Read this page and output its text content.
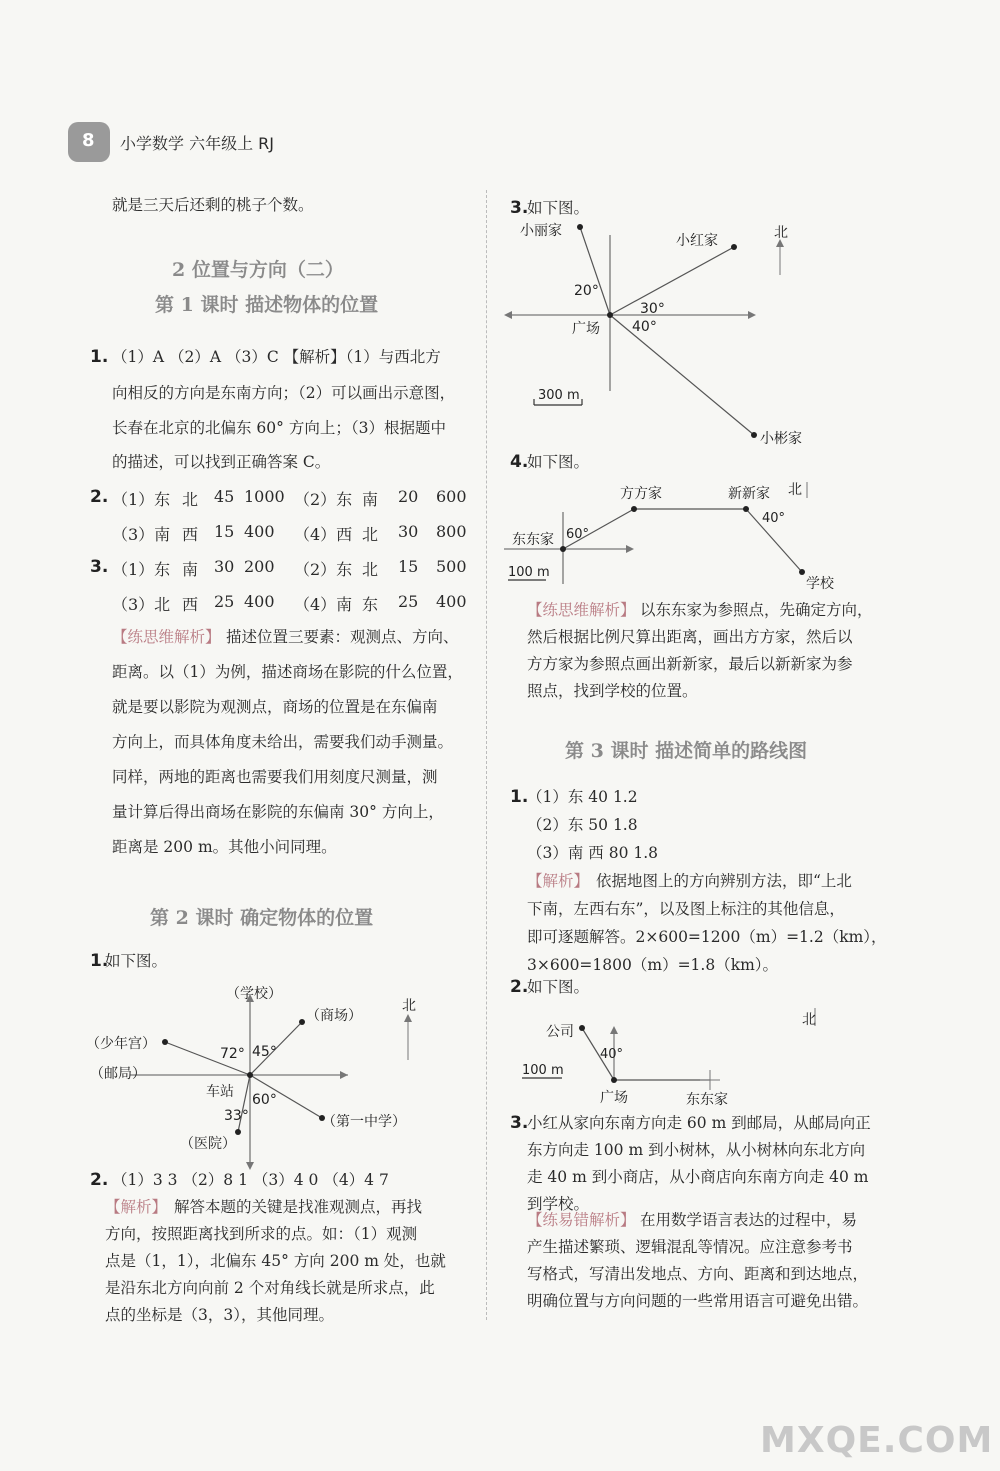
8 小学数学 六年级上 RJ
就是三天后还剩的桃子个数。
2 位置与方向（二）
第 1 课时 描述物体的位置
1. （1）A （2）A （3）C 【解析】（1）与西北方
向相反的方向是东南方向；（2）可以画出示意图，
长春在北京的北偏东 60° 方向上；（3）根据题中
的描述，可以找到正确答案 C。
2. （1）东 北 45 1000 （2）东 南 20 600
（3）南 西 15 400 （4）西 北 30 800
3. （1）东 南 30 200 （2）东 北 15 500
（3）北 西 25 400 （4）南 东 25 400
【练思维解析】 描述位置三要素：观测点、方向、
距离。以（1）为例，描述商场在影院的什么位置，
就是要以影院为观测点，商场的位置是在东偏南
方向上，而具体角度未给出，需要我们动手测量。
同样，两地的距离也需要我们用刻度尺测量，测
量计算后得出商场在影院的东偏南 30° 方向上，
距离是 200 m。其他小问同理。
第 2 课时 确定物体的位置
1.
如下图。
（学校）
（商场）
（少年宫）
（邮局）
车站
（第一中学）
（医院）
72° 45°
60°
33°
北
2. （1）3 3 （2）8 1 （3）4 0 （4）4 7
【解析】 解答本题的关键是找准观测点，再找
方向，按照距离找到所求的点。如：（1）观测
点是（1，1），北偏东 45° 方向 200 m 处，也就
是沿东北方向向前 2 个对角线长就是所求点，此
点的坐标是（3，3），其他同理。
3.
如下图。
小丽家
小红家
广场
小彬家
北
20°
30°
40°
300 m
4.
如下图。
方方家	新新家
东东家
学校
北
60°
40°
100 m
【练思维解析】 以东东家为参照点，先确定方向，
然后根据比例尺算出距离，画出方方家，然后以
方方家为参照点画出新新家，最后以新新家为参
照点，找到学校的位置。
第 3 课时 描述简单的路线图
1.
（1）东 40 1.2
（2）东 50 1.8
（3）南 西 80 1.8
【解析】 依据地图上的方向辨别方法，即“上北
下南，左西右东”，以及图上标注的其他信息，
即可逐题解答。2×600=1200（m）=1.2（km），
3×600=1800（m）=1.8（km）。
2.
如下图。
公司
广场	东东家
北
40°
100 m
3.
小红从家向东南方向走 60 m 到邮局，从邮局向正
东方向走 100 m 到小树林，从小树林向东北方向
走 40 m 到小商店，从小商店向东南方向走 40 m
到学校。
【练易错解析】 在用数学语言表达的过程中，易
产生描述繁琐、逻辑混乱等情况。应注意参考书
写格式，写清出发地点、方向、距离和到达地点，
明确位置与方向问题的一些常用语言可避免出错。
MXQE.COM
